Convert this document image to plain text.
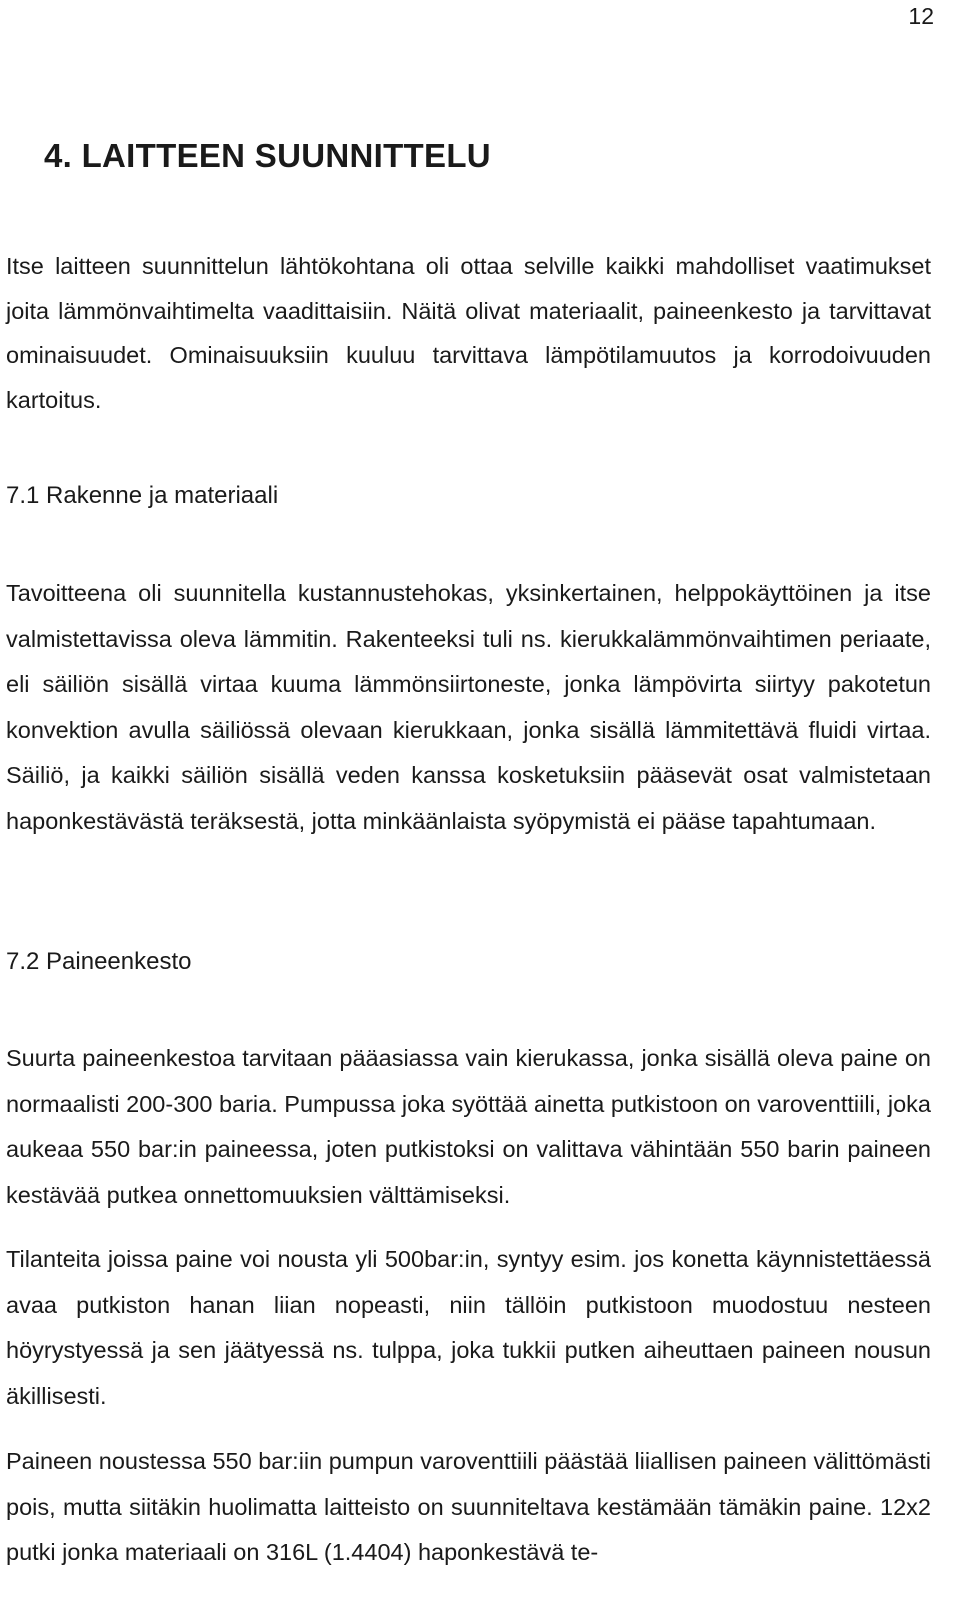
12
4. LAITTEEN SUUNNITTELU

Itse laitteen suunnittelun lähtökohtana oli ottaa selville kaikki mahdolliset vaatimukset joita lämmönvaihtimelta vaadittaisiin. Näitä olivat materiaalit, paineenkesto ja tarvittavat ominaisuudet. Ominaisuuksiin kuuluu tarvittava lämpötilamuutos ja korrodoivuuden kartoitus.

7.1 Rakenne ja materiaali

Tavoitteena oli suunnitella kustannustehokas, yksinkertainen, helppokäyttöinen ja itse valmistettavissa oleva lämmitin. Rakenteeksi tuli ns. kierukkalämmönvaihtimen periaate, eli säiliön sisällä virtaa kuuma lämmönsiirtoneste, jonka lämpövirta siirtyy pakotetun konvektion avulla säiliössä olevaan kierukkaan, jonka sisällä lämmitettävä fluidi virtaa. Säiliö, ja kaikki säiliön sisällä veden kanssa kosketuksiin pääsevät osat valmistetaan haponkestävästä teräksestä, jotta minkäänlaista syöpymistä ei pääse tapahtumaan.

7.2 Paineenkesto

Suurta paineenkestoa tarvitaan pääasiassa vain kierukassa, jonka sisällä oleva paine on normaalisti 200-300 baria. Pumpussa joka syöttää ainetta putkistoon on varoventtiili, joka aukeaa 550 bar:in paineessa, joten putkistoksi on valittava vähintään 550 barin paineen kestävää putkea onnettomuuksien välttämiseksi.

Tilanteita joissa paine voi nousta yli 500bar:in, syntyy esim. jos konetta käynnistettäessä avaa putkiston hanan liian nopeasti, niin tällöin putkistoon muodostuu nesteen höyrystyessä ja sen jäätyessä ns. tulppa, joka tukkii putken aiheuttaen paineen nousun äkillisesti.

Paineen noustessa 550 bar:iin pumpun varoventtiili päästää liiallisen paineen välittömästi pois, mutta siitäkin huolimatta laitteisto on suunniteltava kestämään tämäkin paine. 12x2 putki jonka materiaali on 316L (1.4404) haponkestävä te-
